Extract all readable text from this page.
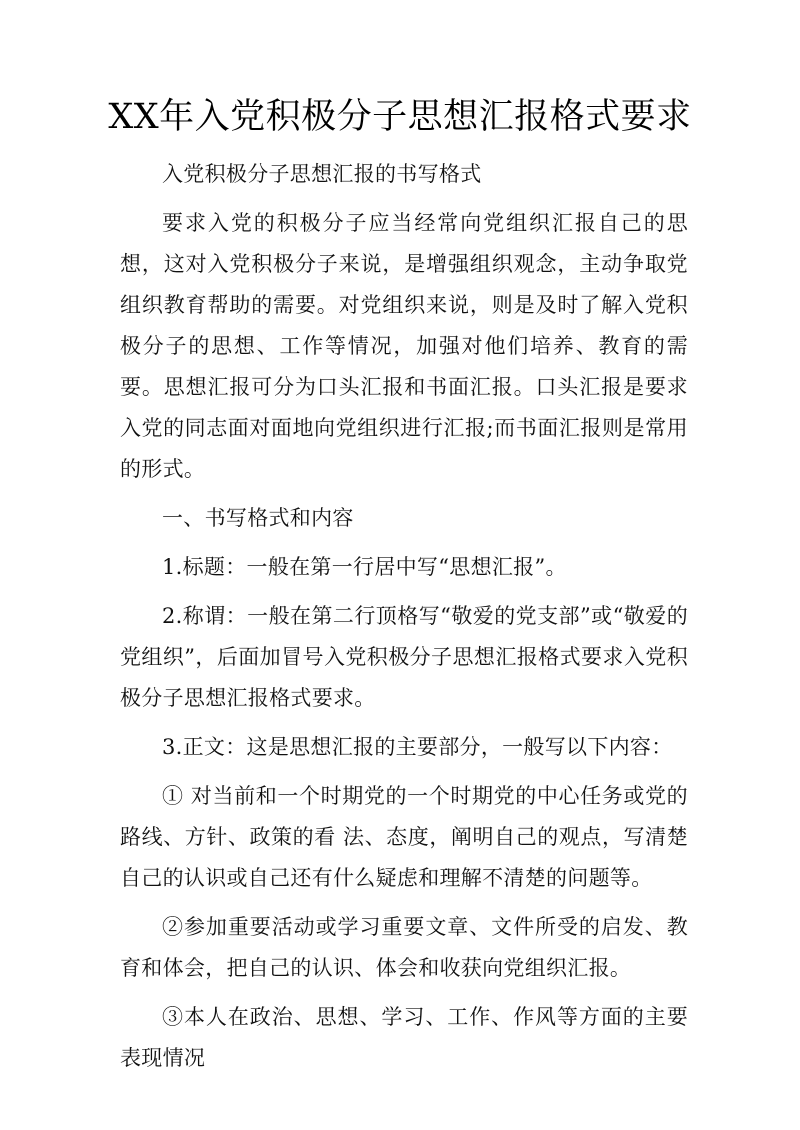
XX年入党积极分子思想汇报格式要求

入党积极分子思想汇报的书写格式

要求入党的积极分子应当经常向党组织汇报自己的思想，这对入党积极分子来说，是增强组织观念，主动争取党组织教育帮助的需要。对党组织来说，则是及时了解入党积极分子的思想、工作等情况，加强对他们培养、教育的需要。思想汇报可分为口头汇报和书面汇报。口头汇报是要求入党的同志面对面地向党组织进行汇报;而书面汇报则是常用的形式。

一、书写格式和内容

1.标题：一般在第一行居中写“思想汇报”。

2.称谓：一般在第二行顶格写“敬爱的党支部”或“敬爱的党组织”，后面加冒号入党积极分子思想汇报格式要求入党积极分子思想汇报格式要求。

3.正文：这是思想汇报的主要部分，一般写以下内容：

① 对当前和一个时期党的一个时期党的中心任务或党的路线、方针、政策的看 法、态度，阐明自己的观点，写清楚自己的认识或自己还有什么疑虑和理解不清楚的问题等。

②参加重要活动或学习重要文章、文件所受的启发、教育和体会，把自己的认识、体会和收获向党组织汇报。

③本人在政治、思想、学习、工作、作风等方面的主要表现情况
